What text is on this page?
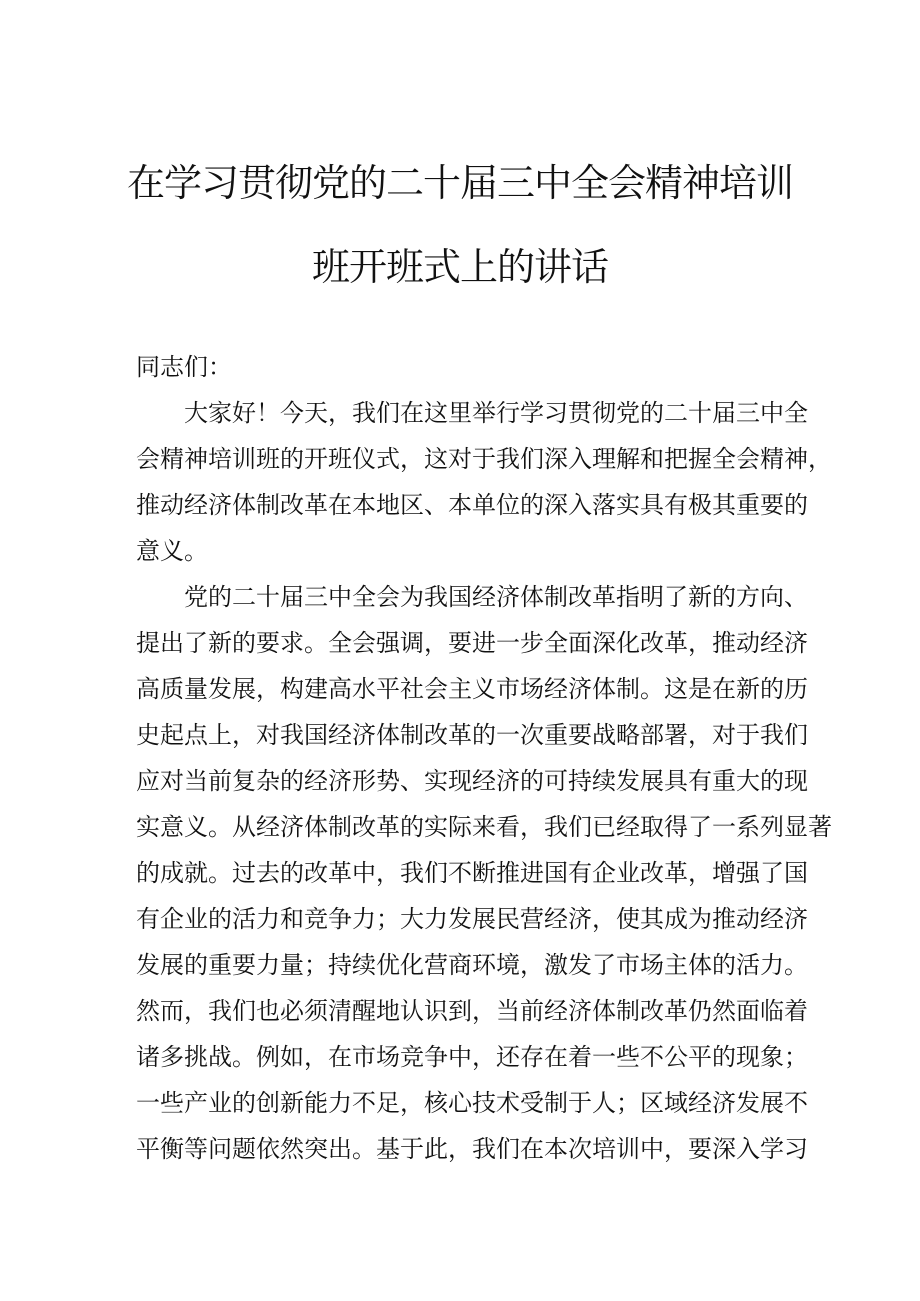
在学习贯彻党的二十届三中全会精神培训
班开班式上的讲话
同志们：
大家好！今天，我们在这里举行学习贯彻党的二十届三中全
会精神培训班的开班仪式，这对于我们深入理解和把握全会精神，
推动经济体制改革在本地区、本单位的深入落实具有极其重要的
意义。
党的二十届三中全会为我国经济体制改革指明了新的方向、
提出了新的要求。全会强调，要进一步全面深化改革，推动经济
高质量发展，构建高水平社会主义市场经济体制。这是在新的历
史起点上，对我国经济体制改革的一次重要战略部署，对于我们
应对当前复杂的经济形势、实现经济的可持续发展具有重大的现
实意义。从经济体制改革的实际来看，我们已经取得了一系列显著
的成就。过去的改革中，我们不断推进国有企业改革，增强了国
有企业的活力和竞争力；大力发展民营经济，使其成为推动经济
发展的重要力量；持续优化营商环境，激发了市场主体的活力。
然而，我们也必须清醒地认识到，当前经济体制改革仍然面临着
诸多挑战。例如，在市场竞争中，还存在着一些不公平的现象；
一些产业的创新能力不足，核心技术受制于人；区域经济发展不
平衡等问题依然突出。基于此，我们在本次培训中，要深入学习
